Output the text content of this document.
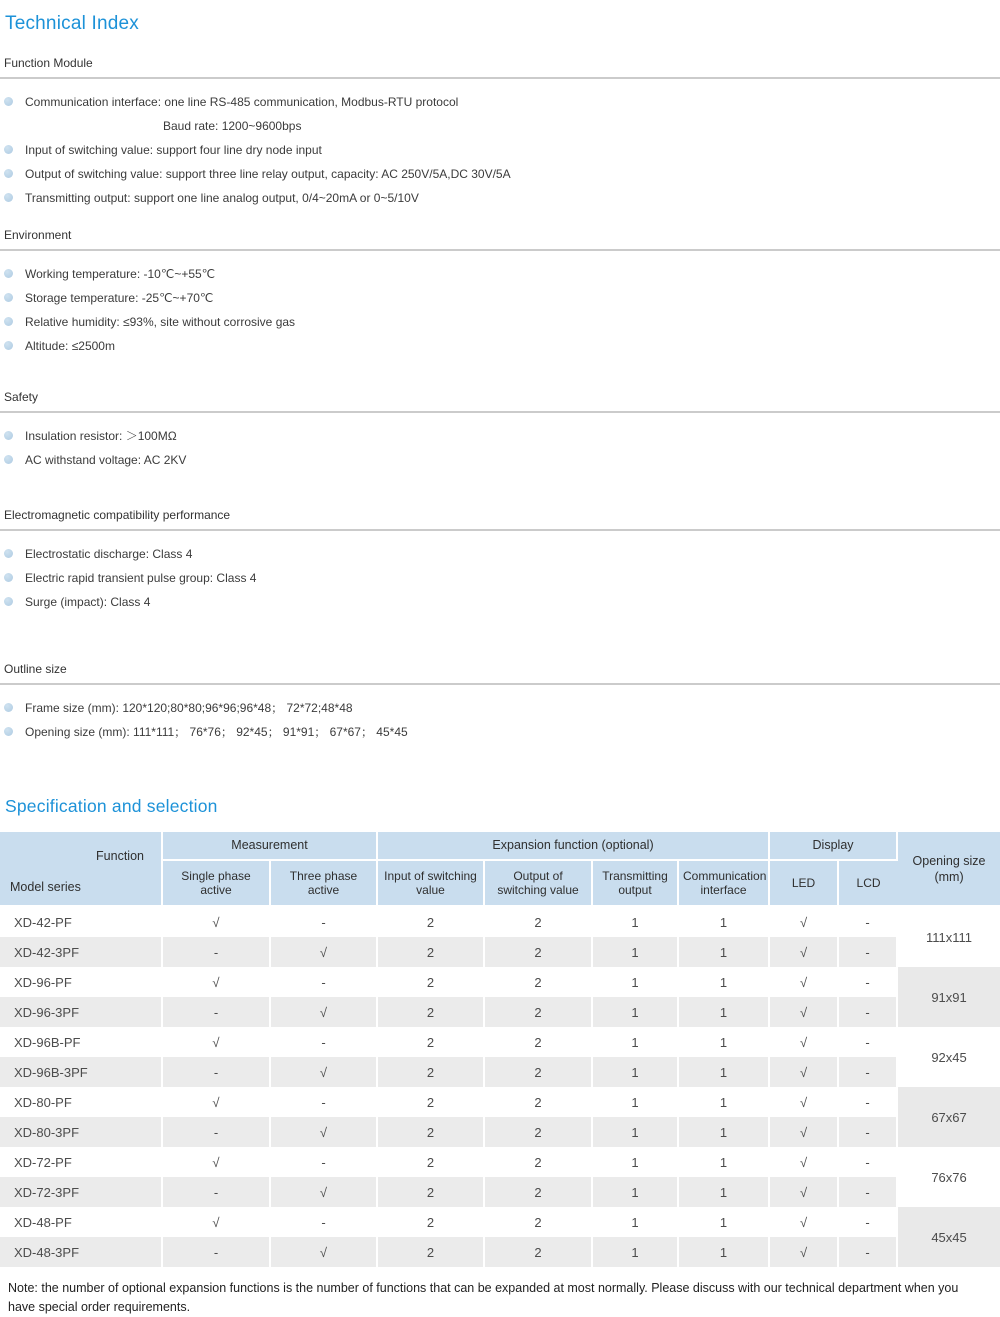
Technical Index
Function Module
Communication interface: one line RS-485 communication, Modbus-RTU protocol
Baud rate: 1200~9600bps
Input of switching value: support four line dry node input
Output of switching value: support three line relay output, capacity: AC 250V/5A,DC 30V/5A
Transmitting output: support one line analog output, 0/4~20mA or 0~5/10V
Environment
Working temperature: -10℃~+55℃
Storage temperature: -25℃~+70℃
Relative humidity: ≤93%, site without corrosive gas
Altitude: ≤2500m
Safety
Insulation resistor: ＞100MΩ
AC withstand voltage: AC 2KV
Electromagnetic compatibility performance
Electrostatic discharge: Class 4
Electric rapid transient pulse group: Class 4
Surge (impact): Class 4
Outline size
Frame size (mm): 120*120;80*80;96*96;96*48； 72*72;48*48
Opening size (mm): 111*111； 76*76； 92*45； 91*91； 67*67； 45*45
Specification and selection
Function
Model series	Measurement		Expansion function (optional)				Display		Opening size (mm)
	Single phase active	Three phase active	Input of switching value	Output of switching value	Transmitting output	Communication interface	LED	LCD	
XD-42-PF	√	-	2	2	1	1	√	-	111x111
XD-42-3PF	-	√	2	2	1	1	√	-	
XD-96-PF	√	-	2	2	1	1	√	-	91x91
XD-96-3PF	-	√	2	2	1	1	√	-	
XD-96B-PF	√	-	2	2	1	1	√	-	92x45
XD-96B-3PF	-	√	2	2	1	1	√	-	
XD-80-PF	√	-	2	2	1	1	√	-	67x67
XD-80-3PF	-	√	2	2	1	1	√	-	
XD-72-PF	√	-	2	2	1	1	√	-	76x76
XD-72-3PF	-	√	2	2	1	1	√	-	
XD-48-PF	√	-	2	2	1	1	√	-	45x45
XD-48-3PF	-	√	2	2	1	1	√	-	

Note: the number of optional expansion functions is the number of functions that can be expanded at most normally. Please discuss with our technical department when you have special order requirements.
